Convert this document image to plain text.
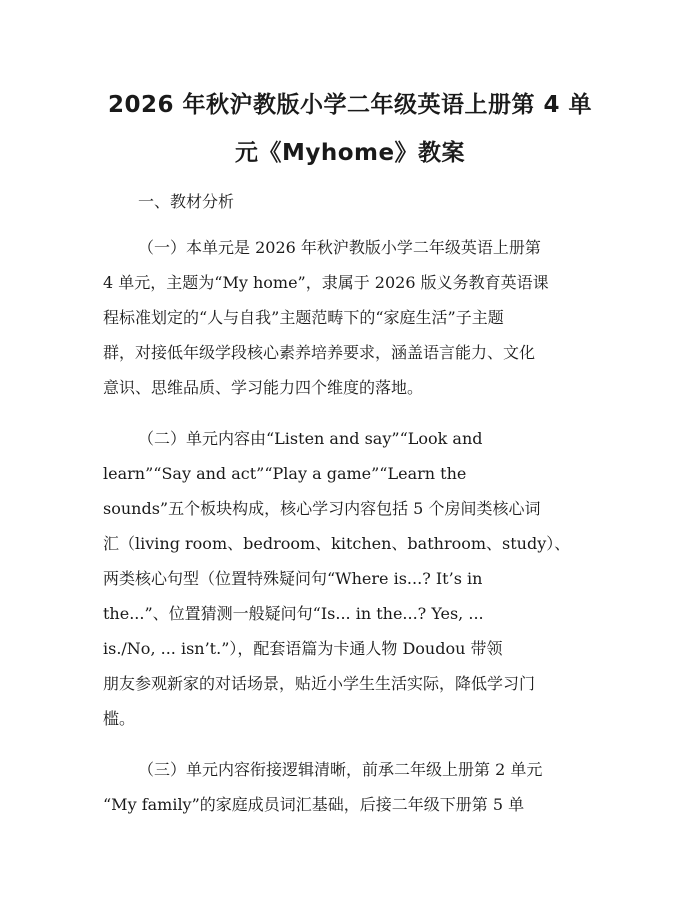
2026 年秋沪教版小学二年级英语上册第 4 单
元《Myhome》教案
一、教材分析
（一）本单元是 2026 年秋沪教版小学二年级英语上册第
4 单元，主题为“My home”，隶属于 2026 版义务教育英语课
程标准划定的“人与自我”主题范畴下的“家庭生活”子主题
群，对接低年级学段核心素养培养要求，涵盖语言能力、文化
意识、思维品质、学习能力四个维度的落地。
（二）单元内容由“Listen and say”“Look and
learn”“Say and act”“Play a game”“Learn the
sounds”五个板块构成，核心学习内容包括 5 个房间类核心词
汇（living room、bedroom、kitchen、bathroom、study）、
两类核心句型（位置特殊疑问句“Where is...? It’s in
the...”、位置猜测一般疑问句“Is... in the...? Yes, ...
is./No, ... isn’t.”），配套语篇为卡通人物 Doudou 带领
朋友参观新家的对话场景，贴近小学生生活实际，降低学习门
槛。
（三）单元内容衔接逻辑清晰，前承二年级上册第 2 单元
“My family”的家庭成员词汇基础，后接二年级下册第 5 单
